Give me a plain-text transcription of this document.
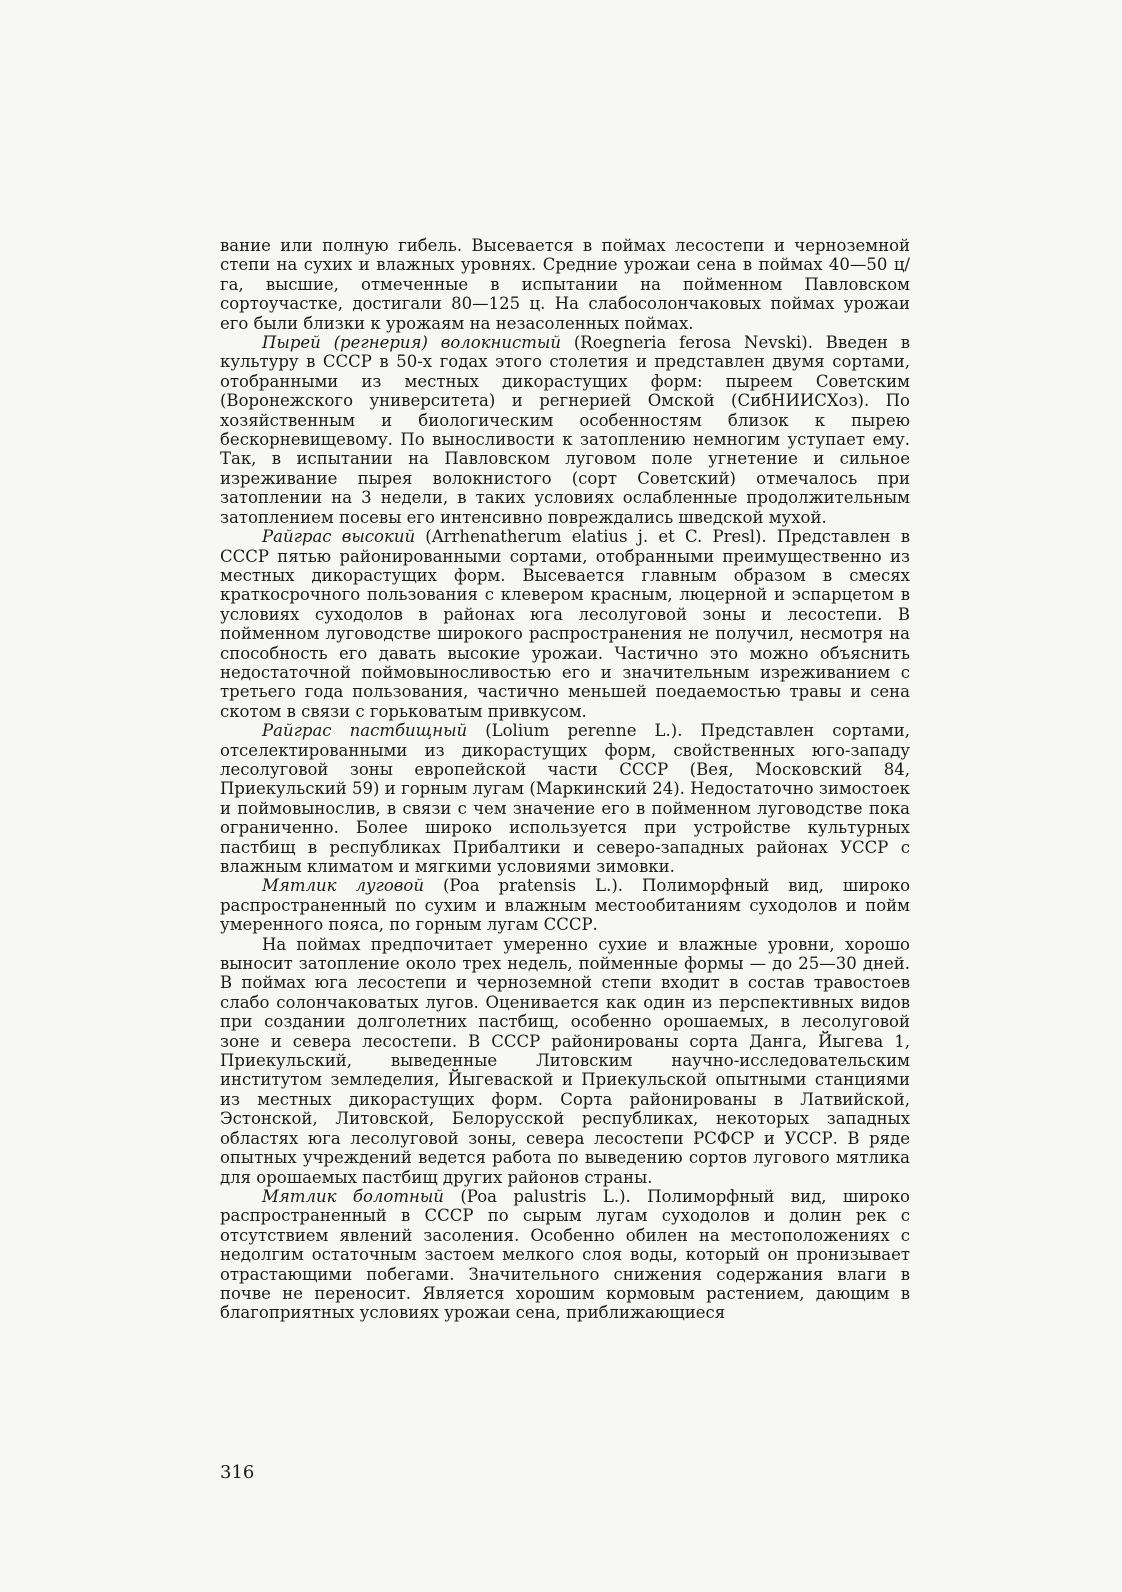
вание или полную гибель. Высевается в поймах лесостепи и черноземной степи на сухих и влажных уровнях. Средние урожаи сена в поймах 40—50 ц/га, высшие, отмеченные в испытании на пойменном Павловском сортоучастке, достигали 80—125 ц. На слабосолончаковых поймах урожаи его были близки к урожаям на незасоленных поймах.

Пырей (регнерия) волокнистый (Roegneria ferosa Nevski). Введен в культуру в СССР в 50-х годах этого столетия и представлен двумя сортами, отобранными из местных дикорастущих форм: пыреем Советским (Воронежского университета) и регнерией Омской (СибНИИСХоз). По хозяйственным и биологическим особенностям близок к пырею бескорневищевому. По выносливости к затоплению немногим уступает ему. Так, в испытании на Павловском луговом поле угнетение и сильное изреживание пырея волокнистого (сорт Советский) отмечалось при затоплении на 3 недели, в таких условиях ослабленные продолжительным затоплением посевы его интенсивно повреждались шведской мухой.

Райграс высокий (Arrhenatherum elatius j. et C. Presl). Представлен в СССР пятью районированными сортами, отобранными преимущественно из местных дикорастущих форм. Высевается главным образом в смесях краткосрочного пользования с клевером красным, люцерной и эспарцетом в условиях суходолов в районах юга лесолуговой зоны и лесостепи. В пойменном луговодстве широкого распространения не получил, несмотря на способность его давать высокие урожаи. Частично это можно объяснить недостаточной поймовыносливостью его и значительным изреживанием с третьего года пользования, частично меньшей поедаемостью травы и сена скотом в связи с горьковатым привкусом.

Райграс пастбищный (Lolium perenne L.). Представлен сортами, отселектированными из дикорастущих форм, свойственных юго-западу лесолуговой зоны европейской части СССР (Вея, Московский 84, Приекульский 59) и горным лугам (Маркинский 24). Недостаточно зимостоек и поймовынослив, в связи с чем значение его в пойменном луговодстве пока ограниченно. Более широко используется при устройстве культурных пастбищ в республиках Прибалтики и северо-западных районах УССР с влажным климатом и мягкими условиями зимовки.

Мятлик луговой (Poa pratensis L.). Полиморфный вид, широко распространенный по сухим и влажным местообитаниям суходолов и пойм умеренного пояса, по горным лугам СССР.

На поймах предпочитает умеренно сухие и влажные уровни, хорошо выносит затопление около трех недель, пойменные формы — до 25—30 дней. В поймах юга лесостепи и черноземной степи входит в состав травостоев слабо солончаковатых лугов. Оценивается как один из перспективных видов при создании долголетних пастбищ, особенно орошаемых, в лесолуговой зоне и севера лесостепи. В СССР районированы сорта Данга, Йыгева 1, Приекульский, выведенные Литовским научно-исследовательским институтом земледелия, Йыгеваской и Приекульской опытными станциями из местных дикорастущих форм. Сорта районированы в Латвийской, Эстонской, Литовской, Белорусской республиках, некоторых западных областях юга лесолуговой зоны, севера лесостепи РСФСР и УССР. В ряде опытных учреждений ведется работа по выведению сортов лугового мятлика для орошаемых пастбищ других районов страны.

Мятлик болотный (Poa palustris L.). Полиморфный вид, широко распространенный в СССР по сырым лугам суходолов и долин рек с отсутствием явлений засоления. Особенно обилен на местоположениях с недолгим остаточным застоем мелкого слоя воды, который он пронизывает отрастающими побегами. Значительного снижения содержания влаги в почве не переносит. Является хорошим кормовым растением, дающим в благоприятных условиях урожаи сена, приближающиеся

316
